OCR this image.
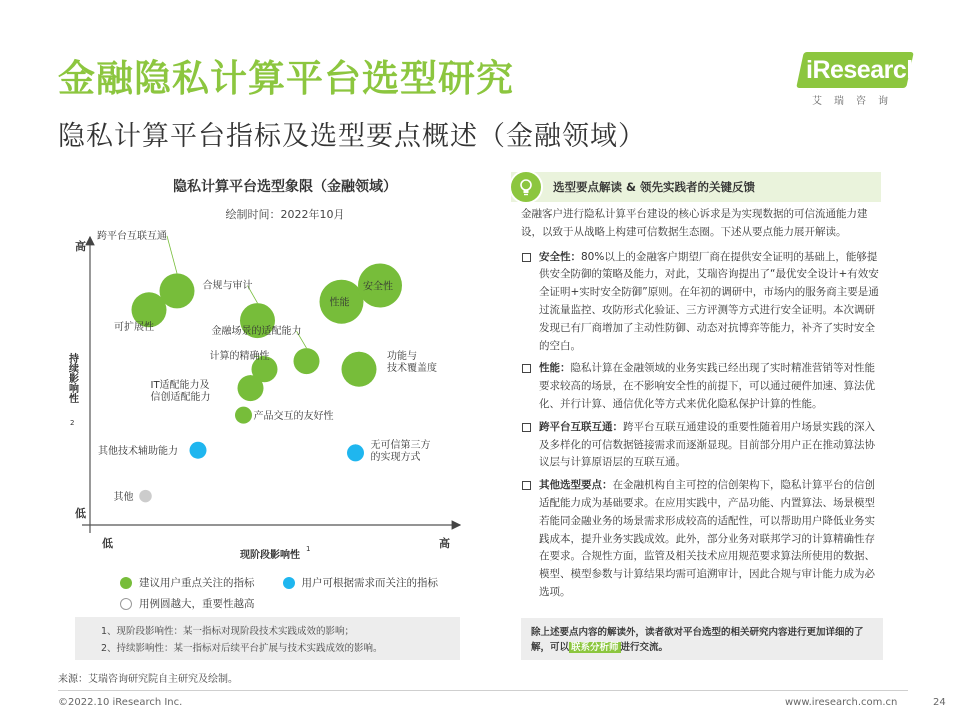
金融隐私计算平台选型研究
隐私计算平台指标及选型要点概述（金融领域）
iResearch
艾瑞咨询
隐私计算平台选型象限（金融领域）
绘制时间：2022年10月
跨平台互联互通
可扩展性
合规与审计
性能
安全性
金融场景的适配能力
计算的精确性	功能与技术覆盖度
IT适配能力及信创适配能力
产品交互的友好性
其他技术辅助能力
无可信第三方的实现方式
其他
高
低
低	高
现阶段影响性
1
持续影响性
2
建议用户重点关注的指标	用户可根据需求而关注的指标
用例圆越大，重要性越高
1、现阶段影响性：某一指标对现阶段技术实践成效的影响；
2、持续影响性：某一指标对后续平台扩展与技术实践成效的影响。
选型要点解读 & 领先实践者的关键反馈
金融客户进行隐私计算平台建设的核心诉求是为实现数据的可信流通能力建设，以致于从战略上构建可信数据生态圈。下述从要点能力展开解读。
安全性：80%以上的金融客户期望厂商在提供安全证明的基础上，能够提供安全防御的策略及能力，对此，艾瑞咨询提出了“最优安全设计+有效安全证明+实时安全防御”原则。在年初的调研中，市场内的服务商主要是通过流量监控、攻防形式化验证、三方评测等方式进行安全证明。本次调研发现已有厂商增加了主动性防御、动态对抗博弈等能力，补齐了实时安全的空白。
性能：隐私计算在金融领域的业务实践已经出现了实时精准营销等对性能要求较高的场景，在不影响安全性的前提下，可以通过硬件加速、算法优化、并行计算、通信优化等方式来优化隐私保护计算的性能。
跨平台互联互通：跨平台互联互通建设的重要性随着用户场景实践的深入及多样化的可信数据链接需求而逐渐显现。目前部分用户正在推动算法协议层与计算原语层的互联互通。
其他选型要点：在金融机构自主可控的信创架构下，隐私计算平台的信创适配能力成为基础要求。在应用实践中，产品功能、内置算法、场景模型若能同金融业务的场景需求形成较高的适配性，可以帮助用户降低业务实践成本，提升业务实践成效。此外，部分业务对联邦学习的计算精确性存在要求。合规性方面，监管及相关技术应用规范要求算法所使用的数据、模型、模型参数与计算结果均需可追溯审计，因此合规与审计能力成为必选项。
除上述要点内容的解读外，读者欲对平台选型的相关研究内容进行更加详细的了解，可以 联系分析师 进行交流。
来源：艾瑞咨询研究院自主研究及绘制。
©2022.10 iResearch Inc.	www.iresearch.com.cn	24
